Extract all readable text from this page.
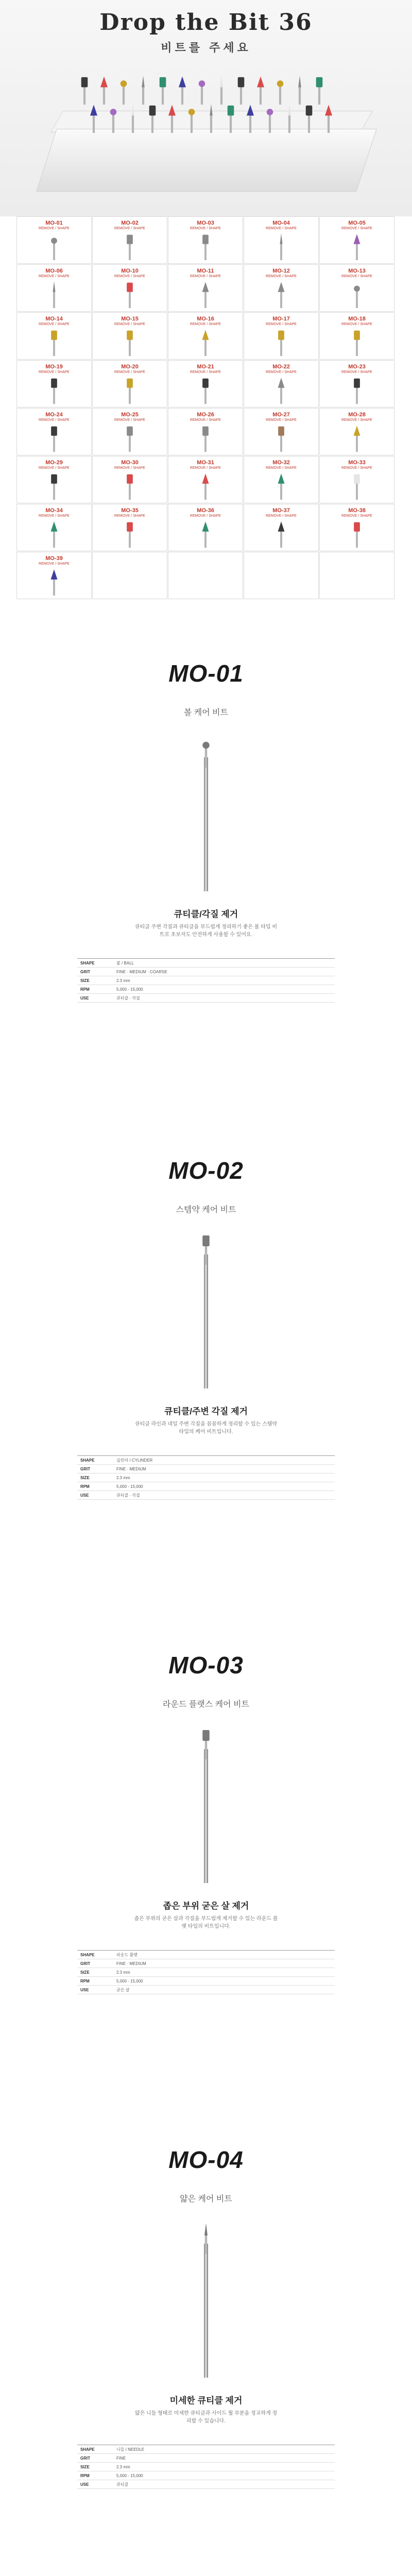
Drop the Bit 36
비트를 주세요
MO-01
REMOVE / SHAPE
MO-02
REMOVE / SHAPE
MO-03
REMOVE / SHAPE
MO-04
REMOVE / SHAPE
MO-05
REMOVE / SHAPE
MO-06
REMOVE / SHAPE
MO-10
REMOVE / SHAPE
MO-11
REMOVE / SHAPE
MO-12
REMOVE / SHAPE
MO-13
REMOVE / SHAPE
MO-14
REMOVE / SHAPE
MO-15
REMOVE / SHAPE
MO-16
REMOVE / SHAPE
MO-17
REMOVE / SHAPE
MO-18
REMOVE / SHAPE
MO-19
REMOVE / SHAPE
MO-20
REMOVE / SHAPE
MO-21
REMOVE / SHAPE
MO-22
REMOVE / SHAPE
MO-23
REMOVE / SHAPE
MO-24
REMOVE / SHAPE
MO-25
REMOVE / SHAPE
MO-26
REMOVE / SHAPE
MO-27
REMOVE / SHAPE
MO-28
REMOVE / SHAPE
MO-29
REMOVE / SHAPE
MO-30
REMOVE / SHAPE
MO-31
REMOVE / SHAPE
MO-32
REMOVE / SHAPE
MO-33
REMOVE / SHAPE
MO-34
REMOVE / SHAPE
MO-35
REMOVE / SHAPE
MO-36
REMOVE / SHAPE
MO-37
REMOVE / SHAPE
MO-38
REMOVE / SHAPE
MO-39
REMOVE / SHAPE
MO-01
볼 케어 비트
큐티클/각질 제거
큐티클 주변 각질과 큐티클을 부드럽게 정리하기 좋은 볼 타입 비트로 초보자도 안전하게 사용할 수 있어요.
SHAPE	볼 / BALL
GRIT	FINE · MEDIUM · COARSE
SIZE	2.3 mm
RPM	5,000 - 15,000
USE	큐티클 · 각질
MO-02
스템약 케어 비트
큐티클/주변 각질 제거
큐티클 라인과 네일 주변 각질을 꼼꼼하게 정리할 수 있는 스템약 타입의 케어 비트입니다.
SHAPE	실린더 / CYLINDER
GRIT	FINE · MEDIUM
SIZE	2.3 mm
RPM	5,000 - 15,000
USE	큐티클 · 각질
MO-03
라운드 플랫스 케어 비트
좁은 부위 굳은 살 제거
좁은 부위의 굳은 살과 각질을 부드럽게 제거할 수 있는 라운드 플랫 타입의 비트입니다.
SHAPE	라운드 플랫
GRIT	FINE · MEDIUM
SIZE	2.3 mm
RPM	5,000 - 15,000
USE	굳은 살
MO-04
얇은 케어 비트
미세한 큐티클 제거
얇은 니들 형태로 미세한 큐티클과 사이드 월 부분을 정교하게 정리할 수 있습니다.
SHAPE	니들 / NEEDLE
GRIT	FINE
SIZE	2.3 mm
RPM	5,000 - 15,000
USE	큐티클
